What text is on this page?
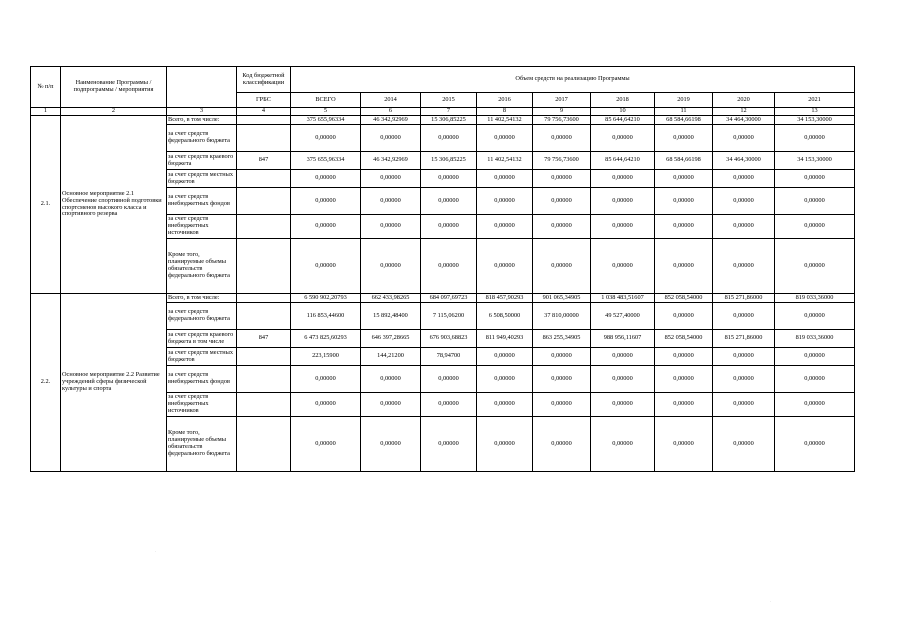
№ п/п	Наименование Программы / подпрограммы / мероприятия		Код бюджетной классификации	Объем средств на реализацию Программы								
			ГРБС	ВСЕГО	2014	2015	2016	2017	2018	2019	2020	2021
1	2	3	4	5	6	7	8	9	10	11	12	13
2.1.	Основное мероприятие 2.1 Обеспечение спортивной подготовки спортсменов высокого класса и спортивного резерва	Всего, в том числе:		375 655,96334	46 342,92969	15 306,85225	11 402,54132	79 756,73600	85 644,64210	68 584,66198	34 464,30000	34 153,30000
		за счет средств федерального бюджета		0,00000	0,00000	0,00000	0,00000	0,00000	0,00000	0,00000	0,00000	0,00000
		за счет средств краевого бюджета	847	375 655,96334	46 342,92969	15 306,85225	11 402,54132	79 756,73600	85 644,64210	68 584,66198	34 464,30000	34 153,30000
		за счет средств местных бюджетов		0,00000	0,00000	0,00000	0,00000	0,00000	0,00000	0,00000	0,00000	0,00000
		за счет средств внебюджетных фондов		0,00000	0,00000	0,00000	0,00000	0,00000	0,00000	0,00000	0,00000	0,00000
		за счет средств внебюджетных источников		0,00000	0,00000	0,00000	0,00000	0,00000	0,00000	0,00000	0,00000	0,00000
		Кроме того, планируемые объемы обязательств федерального бюджета		0,00000	0,00000	0,00000	0,00000	0,00000	0,00000	0,00000	0,00000	0,00000
2.2.	Основное мероприятие 2.2 Развитие учреждений сферы физической культуры и спорта	Всего, в том числе:		6 590 902,20793	662 433,98265	684 097,69723	818 457,90293	901 065,34905	1 038 483,51607	852 058,54000	815 271,86000	819 033,36000
		за счет средств федерального бюджета		116 853,44600	15 892,48400	7 115,06200	6 508,50000	37 810,00000	49 527,40000	0,00000	0,00000	0,00000
		за счет средств краевого бюджета в том числе	847	6 473 825,60293	646 397,28665	676 903,68823	811 949,40293	863 255,34905	988 956,11607	852 058,54000	815 271,86000	819 033,36000
		за счет средств местных бюджетов		223,15900	144,21200	78,94700	0,00000	0,00000	0,00000	0,00000	0,00000	0,00000
		за счет средств внебюджетных фондов		0,00000	0,00000	0,00000	0,00000	0,00000	0,00000	0,00000	0,00000	0,00000
		за счет средств внебюджетных источников		0,00000	0,00000	0,00000	0,00000	0,00000	0,00000	0,00000	0,00000	0,00000
		Кроме того, планируемые объемы обязательств федерального бюджета		0,00000	0,00000	0,00000	0,00000	0,00000	0,00000	0,00000	0,00000	0,00000
.
.
